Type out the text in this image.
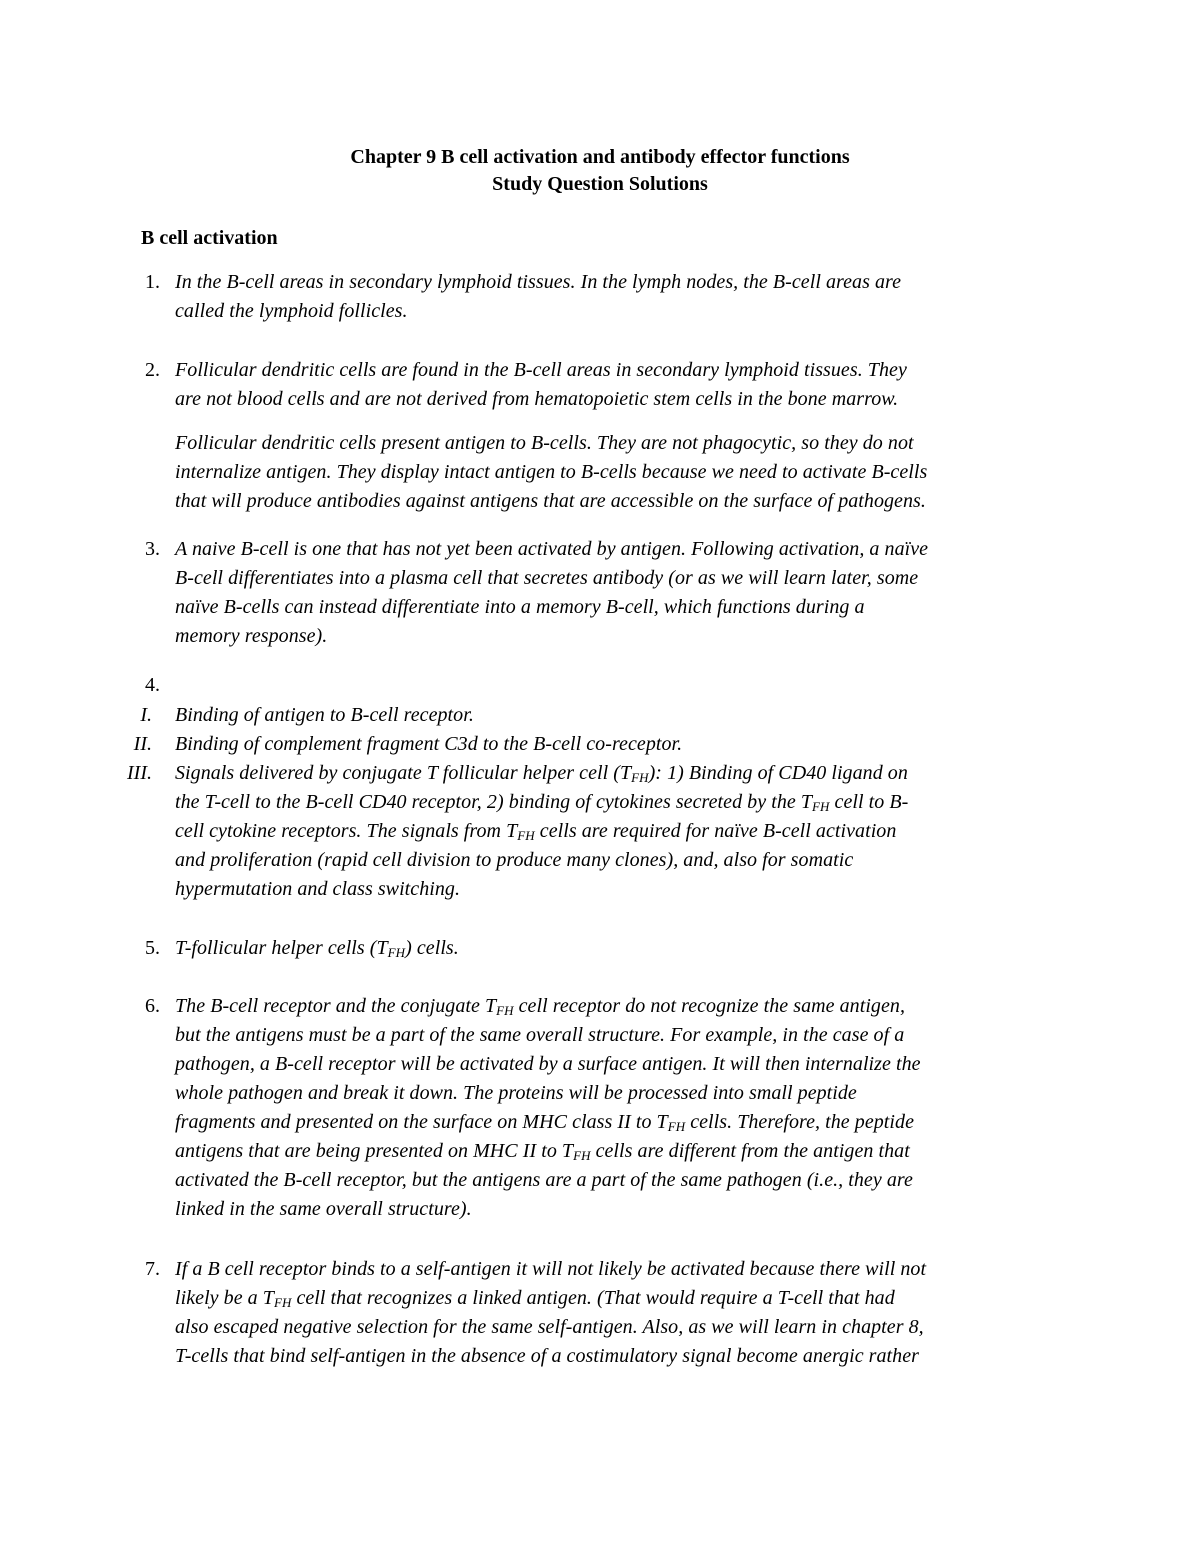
Chapter 9 B cell activation and antibody effector functions
Study Question Solutions
B cell activation
1. In the B-cell areas in secondary lymphoid tissues. In the lymph nodes, the B-cell areas are
called the lymphoid follicles.
2. Follicular dendritic cells are found in the B-cell areas in secondary lymphoid tissues. They
are not blood cells and are not derived from hematopoietic stem cells in the bone marrow.
Follicular dendritic cells present antigen to B-cells. They are not phagocytic, so they do not
internalize antigen. They display intact antigen to B-cells because we need to activate B-cells
that will produce antibodies against antigens that are accessible on the surface of pathogens.
3. A naive B-cell is one that has not yet been activated by antigen. Following activation, a naïve
B-cell differentiates into a plasma cell that secretes antibody (or as we will learn later, some
naïve B-cells can instead differentiate into a memory B-cell, which functions during a
memory response).
4.
I. Binding of antigen to B-cell receptor.
II. Binding of complement fragment C3d to the B-cell co-receptor.
III. Signals delivered by conjugate T follicular helper cell $(T_{FH})$: 1) Binding of CD40 ligand on
the T-cell to the B-cell CD40 receptor, 2) binding of cytokines secreted by the $T_{FH}$ cell to B-
cell cytokine receptors. The signals from $T_{FH}$ cells are required for naïve B-cell activation
and proliferation (rapid cell division to produce many clones), and, also for somatic
hypermutation and class switching.
5. T-follicular helper cells $(T_{FH})$ cells.
6. The B-cell receptor and the conjugate $T_{FH}$ cell receptor do not recognize the same antigen,
but the antigens must be a part of the same overall structure. For example, in the case of a
pathogen, a B-cell receptor will be activated by a surface antigen. It will then internalize the
whole pathogen and break it down. The proteins will be processed into small peptide
fragments and presented on the surface on MHC class II to $T_{FH}$ cells. Therefore, the peptide
antigens that are being presented on MHC II to $T_{FH}$ cells are different from the antigen that
activated the B-cell receptor, but the antigens are a part of the same pathogen (i.e., they are
linked in the same overall structure).
7. If a B cell receptor binds to a self-antigen it will not likely be activated because there will not
likely be a $T_{FH}$ cell that recognizes a linked antigen. (That would require a T-cell that had
also escaped negative selection for the same self-antigen. Also, as we will learn in chapter 8,
T-cells that bind self-antigen in the absence of a costimulatory signal become anergic rather
